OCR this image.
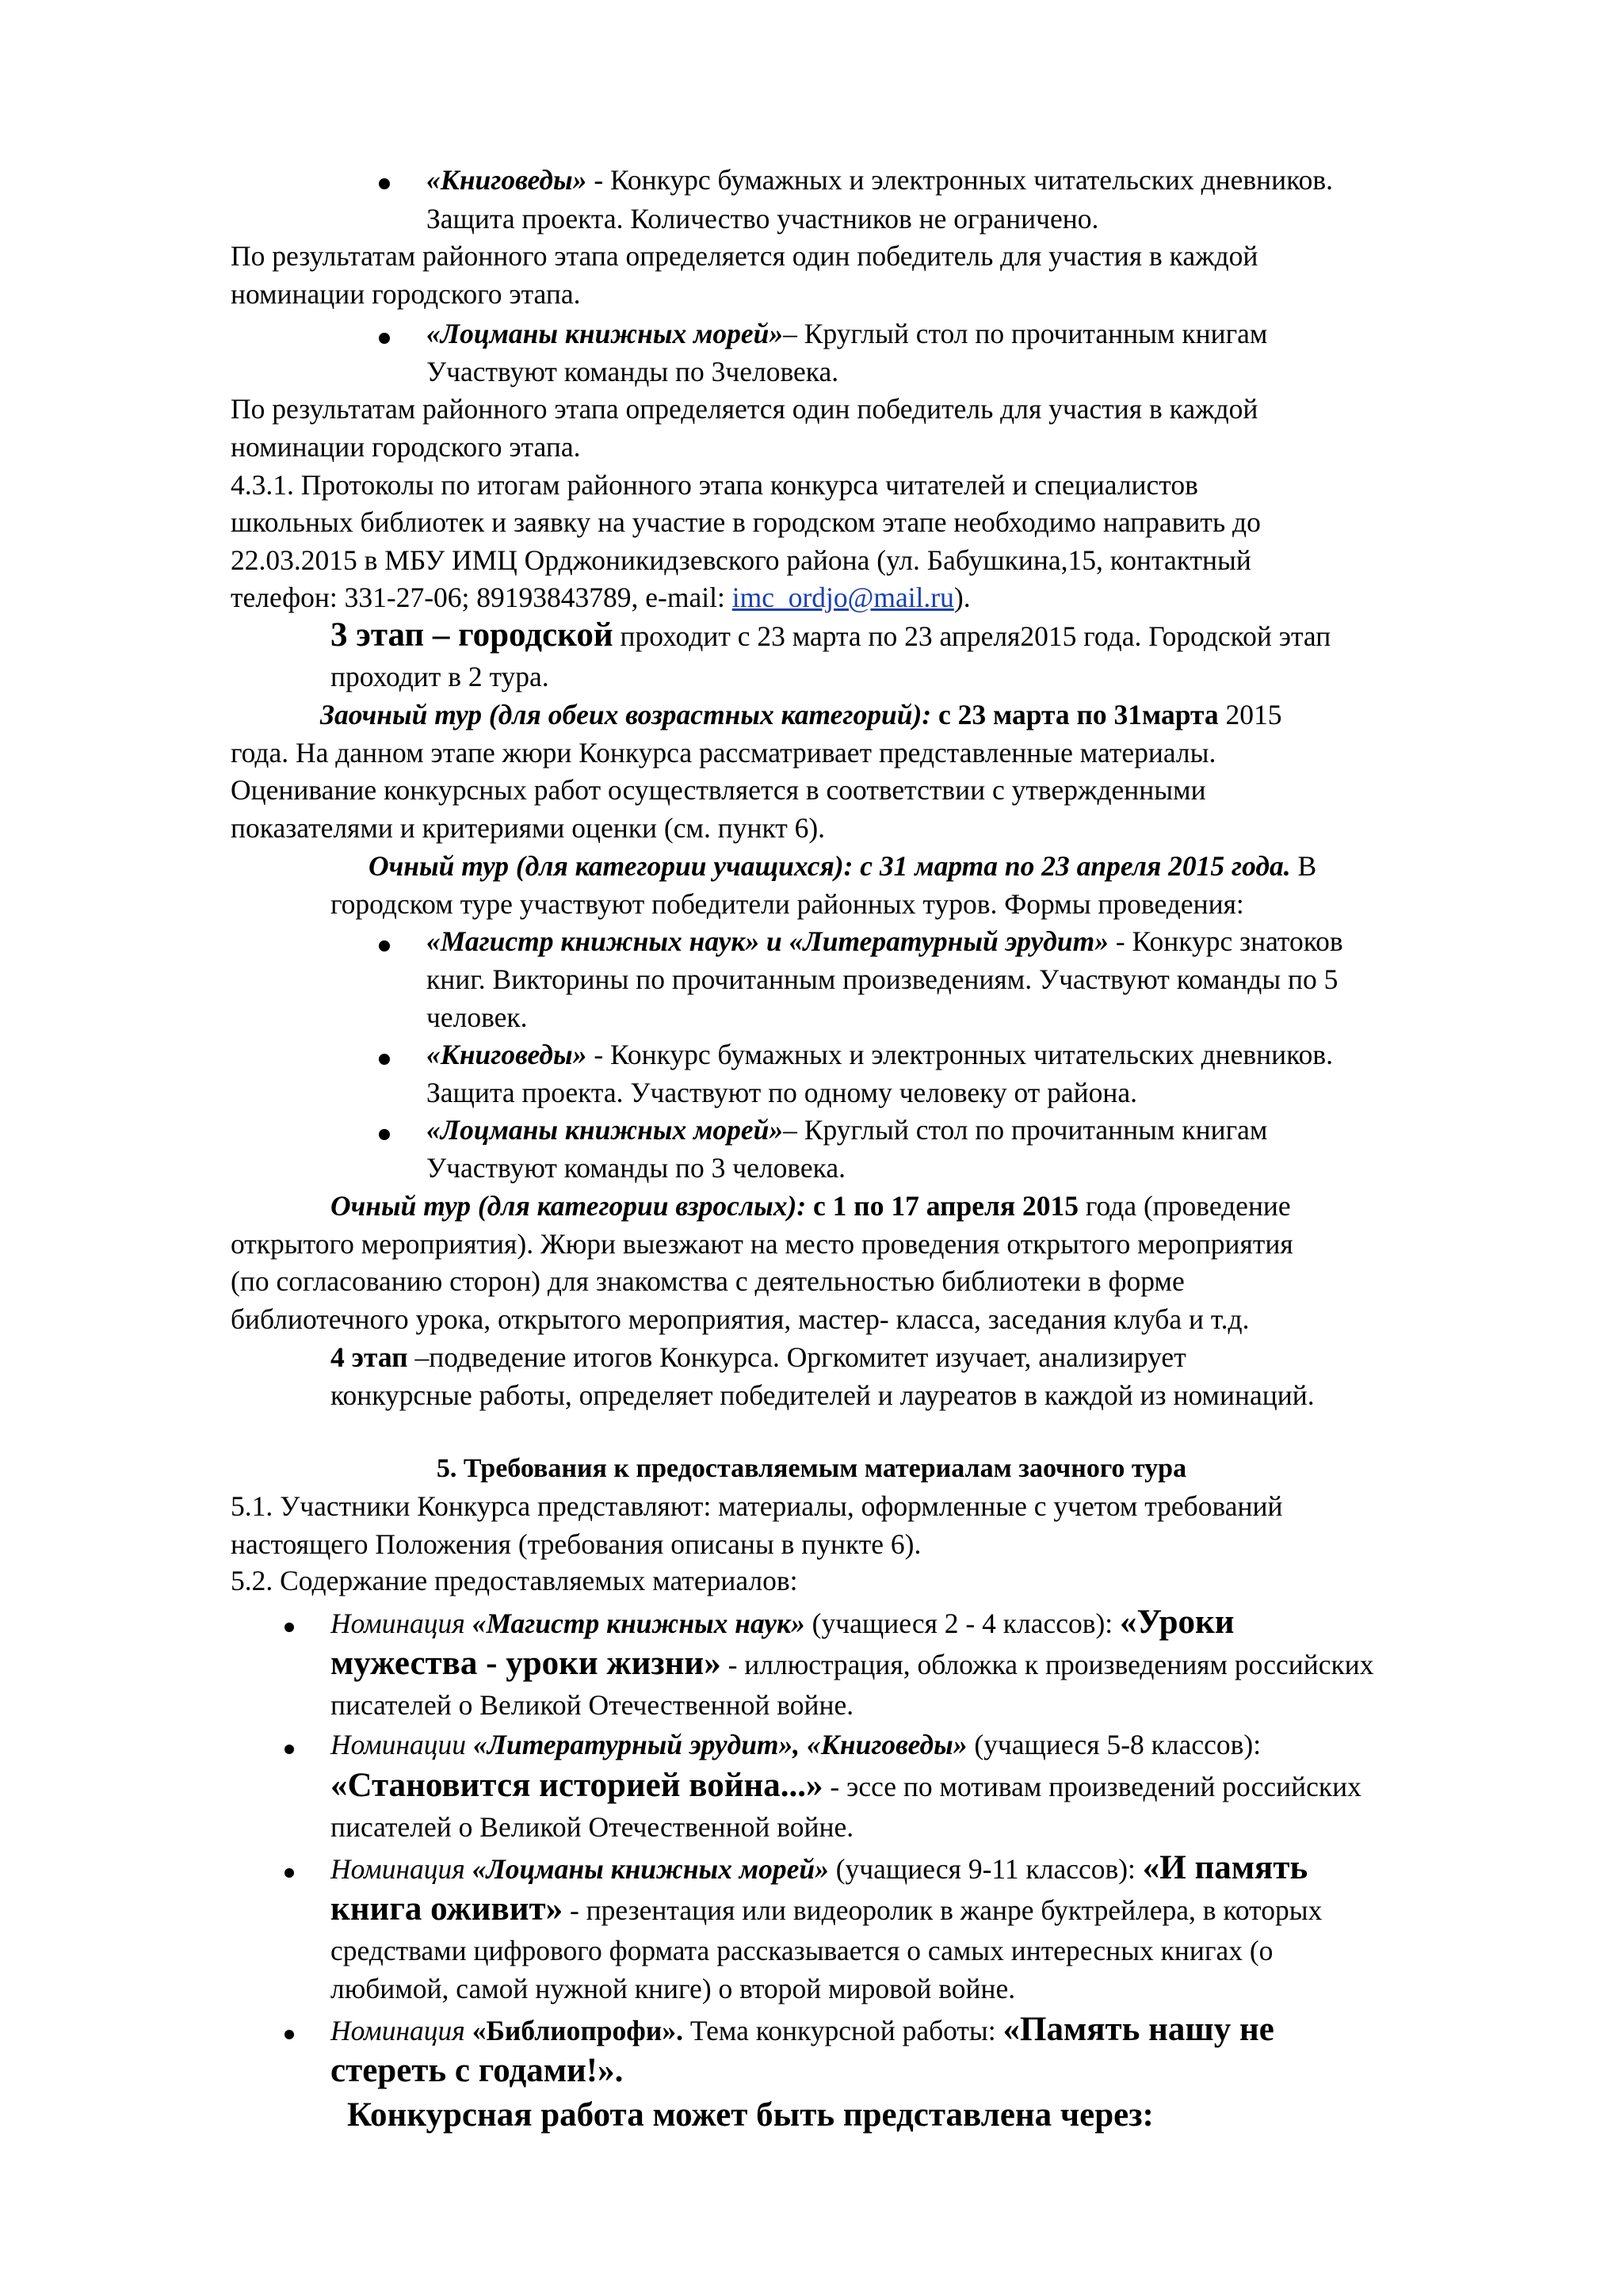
«Книговеды» - Конкурс бумажных и электронных читательских дневников.
Защита проекта. Количество участников не ограничено.
По результатам районного этапа определяется один победитель для участия в каждой
номинации городского этапа.
«Лоцманы книжных морей»– Круглый стол по прочитанным книгам
Участвуют команды по 3человека.
По результатам районного этапа определяется один победитель для участия в каждой
номинации городского этапа.
4.3.1. Протоколы по итогам районного этапа конкурса читателей и специалистов
школьных библиотек и заявку на участие в городском этапе необходимо направить до
22.03.2015 в МБУ ИМЦ Орджоникидзевского района (ул. Бабушкина,15, контактный
телефон: 331-27-06; 89193843789, e-mail: imc_ordjo@mail.ru).
3 этап – городской проходит с 23 марта по 23 апреля2015 года. Городской этап
проходит в 2 тура.
Заочный тур (для обеих возрастных категорий): с 23 марта по 31марта 2015
года. На данном этапе жюри Конкурса рассматривает представленные материалы.
Оценивание конкурсных работ осуществляется в соответствии с утвержденными
показателями и критериями оценки (см. пункт 6).
Очный тур (для категории учащихся): с 31 марта по 23 апреля 2015 года. В
городском туре участвуют победители районных туров. Формы проведения:
«Магистр книжных наук» и «Литературный эрудит» - Конкурс знатоков
книг. Викторины по прочитанным произведениям. Участвуют команды по 5
человек.
«Книговеды» - Конкурс бумажных и электронных читательских дневников.
Защита проекта. Участвуют по одному человеку от района.
«Лоцманы книжных морей»– Круглый стол по прочитанным книгам
Участвуют команды по 3 человека.
Очный тур (для категории взрослых): с 1 по 17 апреля 2015 года (проведение
открытого мероприятия). Жюри выезжают на место проведения открытого мероприятия
(по согласованию сторон) для знакомства с деятельностью библиотеки в форме
библиотечного урока, открытого мероприятия, мастер- класса, заседания клуба и т.д.
4 этап –подведение итогов Конкурса. Оргкомитет изучает, анализирует
конкурсные работы, определяет победителей и лауреатов в каждой из номинаций.
5. Требования к предоставляемым материалам заочного тура
5.1. Участники Конкурса представляют: материалы, оформленные с учетом требований
настоящего Положения (требования описаны в пункте 6).
5.2. Содержание предоставляемых материалов:
Номинация «Магистр книжных наук» (учащиеся 2 - 4 классов): «Уроки
мужества - уроки жизни» - иллюстрация, обложка к произведениям российских
писателей о Великой Отечественной войне.
Номинации «Литературный эрудит», «Книговеды» (учащиеся 5-8 классов):
«Становится историей война...» - эссе по мотивам произведений российских
писателей о Великой Отечественной войне.
Номинация «Лоцманы книжных морей» (учащиеся 9-11 классов): «И память
книга оживит» - презентация или видеоролик в жанре буктрейлера, в которых
средствами цифрового формата рассказывается о самых интересных книгах (о
любимой, самой нужной книге) о второй мировой войне.
Номинация «Библиопрофи». Тема конкурсной работы: «Память нашу не
стереть с годами!».
Конкурсная работа может быть представлена через:
